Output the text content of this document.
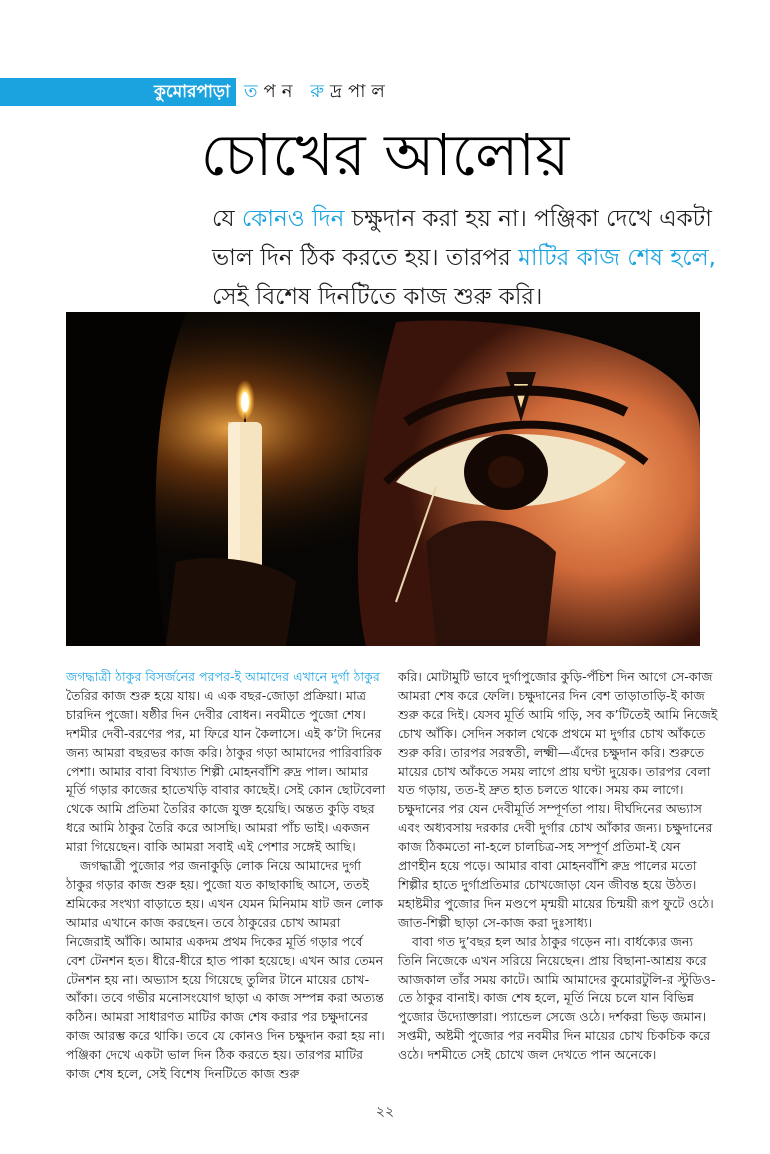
কুমোরপাড়া তপন রুদ্রপাল
চোখের আলোয়
যে কোনও দিন চক্ষুদান করা হয় না। পঞ্জিকা দেখে একটা ভাল দিন ঠিক করতে হয়। তারপর মাটির কাজ শেষ হলে, সেই বিশেষ দিনটিতে কাজ শুরু করি।

জগদ্ধাত্রী ঠাকুর বিসর্জনের পরপর-ই আমাদের এখানে দুর্গা ঠাকুর তৈরির কাজ শুরু হয়ে যায়। এ এক বছর-জোড়া প্রক্রিয়া। মাত্র চারদিন পুজো। ষষ্ঠীর দিন দেবীর বোধন। নবমীতে পুজো শেষ। দশমীর দেবী-বরণের পর, মা ফিরে যান কৈলাসে। এই ক’টা দিনের জন্য আমরা বছরভর কাজ করি। ঠাকুর গড়া আমাদের পারিবারিক পেশা। আমার বাবা বিখ্যাত শিল্পী মোহনবাঁশি রুদ্র পাল। আমার মূর্তি গড়ার কাজের হাতেখড়ি বাবার কাছেই। সেই কোন ছোটবেলা থেকে আমি প্রতিমা তৈরির কাজে যুক্ত হয়েছি। অন্তত কুড়ি বছর ধরে আমি ঠাকুর তৈরি করে আসছি। আমরা পাঁচ ভাই। একজন মারা গিয়েছেন। বাকি আমরা সবাই এই পেশার সঙ্গেই আছি।

জগদ্ধাত্রী পুজোর পর জনাকুড়ি লোক নিয়ে আমাদের দুর্গা ঠাকুর গড়ার কাজ শুরু হয়। পুজো যত কাছাকাছি আসে, ততই শ্রমিকের সংখ্যা বাড়াতে হয়। এখন যেমন মিনিমাম ষাট জন লোক আমার এখানে কাজ করছেন। তবে ঠাকুরের চোখ আমরা নিজেরাই আঁকি। আমার একদম প্রথম দিকের মূর্তি গড়ার পর্বে বেশ টেনশন হত। ধীরে-ধীরে হাত পাকা হয়েছে। এখন আর তেমন টেনশন হয় না। অভ্যাস হয়ে গিয়েছে তুলির টানে মায়ের চোখ-আঁকা। তবে গভীর মনোসংযোগ ছাড়া এ কাজ সম্পন্ন করা অত্যন্ত কঠিন। আমরা সাধারণত মাটির কাজ শেষ করার পর চক্ষুদানের কাজ আরম্ভ করে থাকি। তবে যে কোনও দিন চক্ষুদান করা হয় না। পঞ্জিকা দেখে একটা ভাল দিন ঠিক করতে হয়। তারপর মাটির কাজ শেষ হলে, সেই বিশেষ দিনটিতে কাজ শুরু

করি। মোটামুটি ভাবে দুর্গাপুজোর কুড়ি-পঁচিশ দিন আগে সে-কাজ আমরা শেষ করে ফেলি। চক্ষুদানের দিন বেশ তাড়াতাড়ি-ই কাজ শুরু করে দিই। যেসব মূর্তি আমি গড়ি, সব ক’টিতেই আমি নিজেই চোখ আঁকি। সেদিন সকাল থেকে প্রথমে মা দুর্গার চোখ আঁকতে শুরু করি। তারপর সরস্বতী, লক্ষ্মী—এঁদের চক্ষুদান করি। শুরুতে মায়ের চোখ আঁকতে সময় লাগে প্রায় ঘণ্টা দুয়েক। তারপর বেলা যত গড়ায়, তত-ই দ্রুত হাত চলতে থাকে। সময় কম লাগে। চক্ষুদানের পর যেন দেবীমূর্তি সম্পূর্ণতা পায়। দীর্ঘদিনের অভ্যাস এবং অধ্যবসায় দরকার দেবী দুর্গার চোখ আঁকার জন্য। চক্ষুদানের কাজ ঠিকমতো না-হলে চালচিত্র-সহ সম্পূর্ণ প্রতিমা-ই যেন প্রাণহীন হয়ে পড়ে। আমার বাবা মোহনবাঁশি রুদ্র পালের মতো শিল্পীর হাতে দুর্গাপ্রতিমার চোখজোড়া যেন জীবন্ত হয়ে উঠত। মহাষ্টমীর পুজোর দিন মণ্ডপে মৃন্ময়ী মায়ের চিন্ময়ী রূপ ফুটে ওঠে। জাত-শিল্পী ছাড়া সে-কাজ করা দুঃসাধ্য।

বাবা গত দু’বছর হল আর ঠাকুর গড়েন না। বার্ধক্যের জন্য তিনি নিজেকে এখন সরিয়ে নিয়েছেন। প্রায় বিছানা-আশ্রয় করে আজকাল তাঁর সময় কাটে। আমি আমাদের কুমোরটুলি-র স্টুডিও-তে ঠাকুর বানাই। কাজ শেষ হলে, মূর্তি নিয়ে চলে যান বিভিন্ন পুজোর উদ্যোক্তারা। প্যান্ডেল সেজে ওঠে। দর্শকরা ভিড় জমান। সপ্তমী, অষ্টমী পুজোর পর নবমীর দিন মায়ের চোখ চিকচিক করে ওঠে। দশমীতে সেই চোখে জল দেখতে পান অনেকে।

২২
